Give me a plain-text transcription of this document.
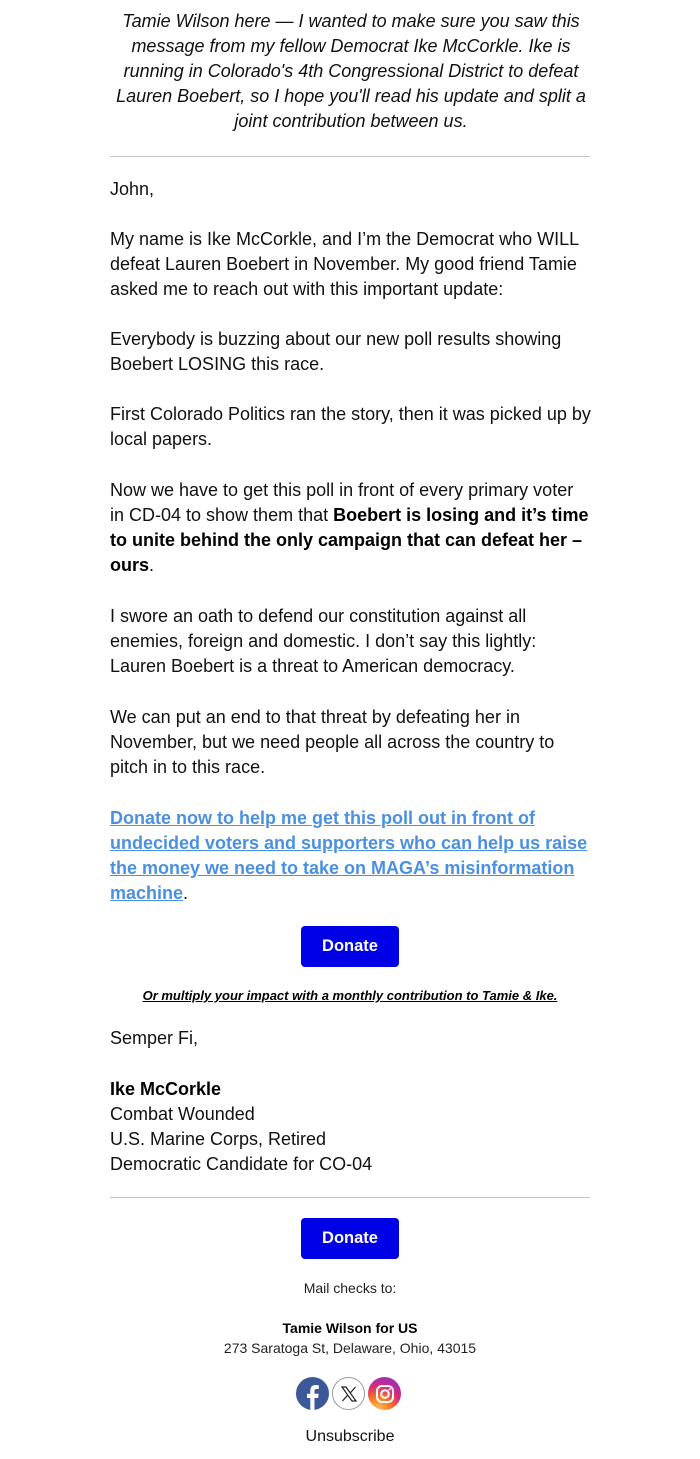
Tamie Wilson here — I wanted to make sure you saw this message from my fellow Democrat Ike McCorkle. Ike is running in Colorado's 4th Congressional District to defeat Lauren Boebert, so I hope you'll read his update and split a joint contribution between us.
John,
My name is Ike McCorkle, and I’m the Democrat who WILL defeat Lauren Boebert in November. My good friend Tamie asked me to reach out with this important update:
Everybody is buzzing about our new poll results showing Boebert LOSING this race.
First Colorado Politics ran the story, then it was picked up by local papers.
Now we have to get this poll in front of every primary voter in CD-04 to show them that Boebert is losing and it’s time to unite behind the only campaign that can defeat her – ours.
I swore an oath to defend our constitution against all enemies, foreign and domestic. I don’t say this lightly: Lauren Boebert is a threat to American democracy.
We can put an end to that threat by defeating her in November, but we need people all across the country to pitch in to this race.
Donate now to help me get this poll out in front of undecided voters and supporters who can help us raise the money we need to take on MAGA’s misinformation machine.
Donate
Or multiply your impact with a monthly contribution to Tamie & Ike.
Semper Fi,
Ike McCorkle
Combat Wounded
U.S. Marine Corps, Retired
Democratic Candidate for CO-04
Donate
Mail checks to:
Tamie Wilson for US
273 Saratoga St, Delaware, Ohio, 43015
Unsubscribe
